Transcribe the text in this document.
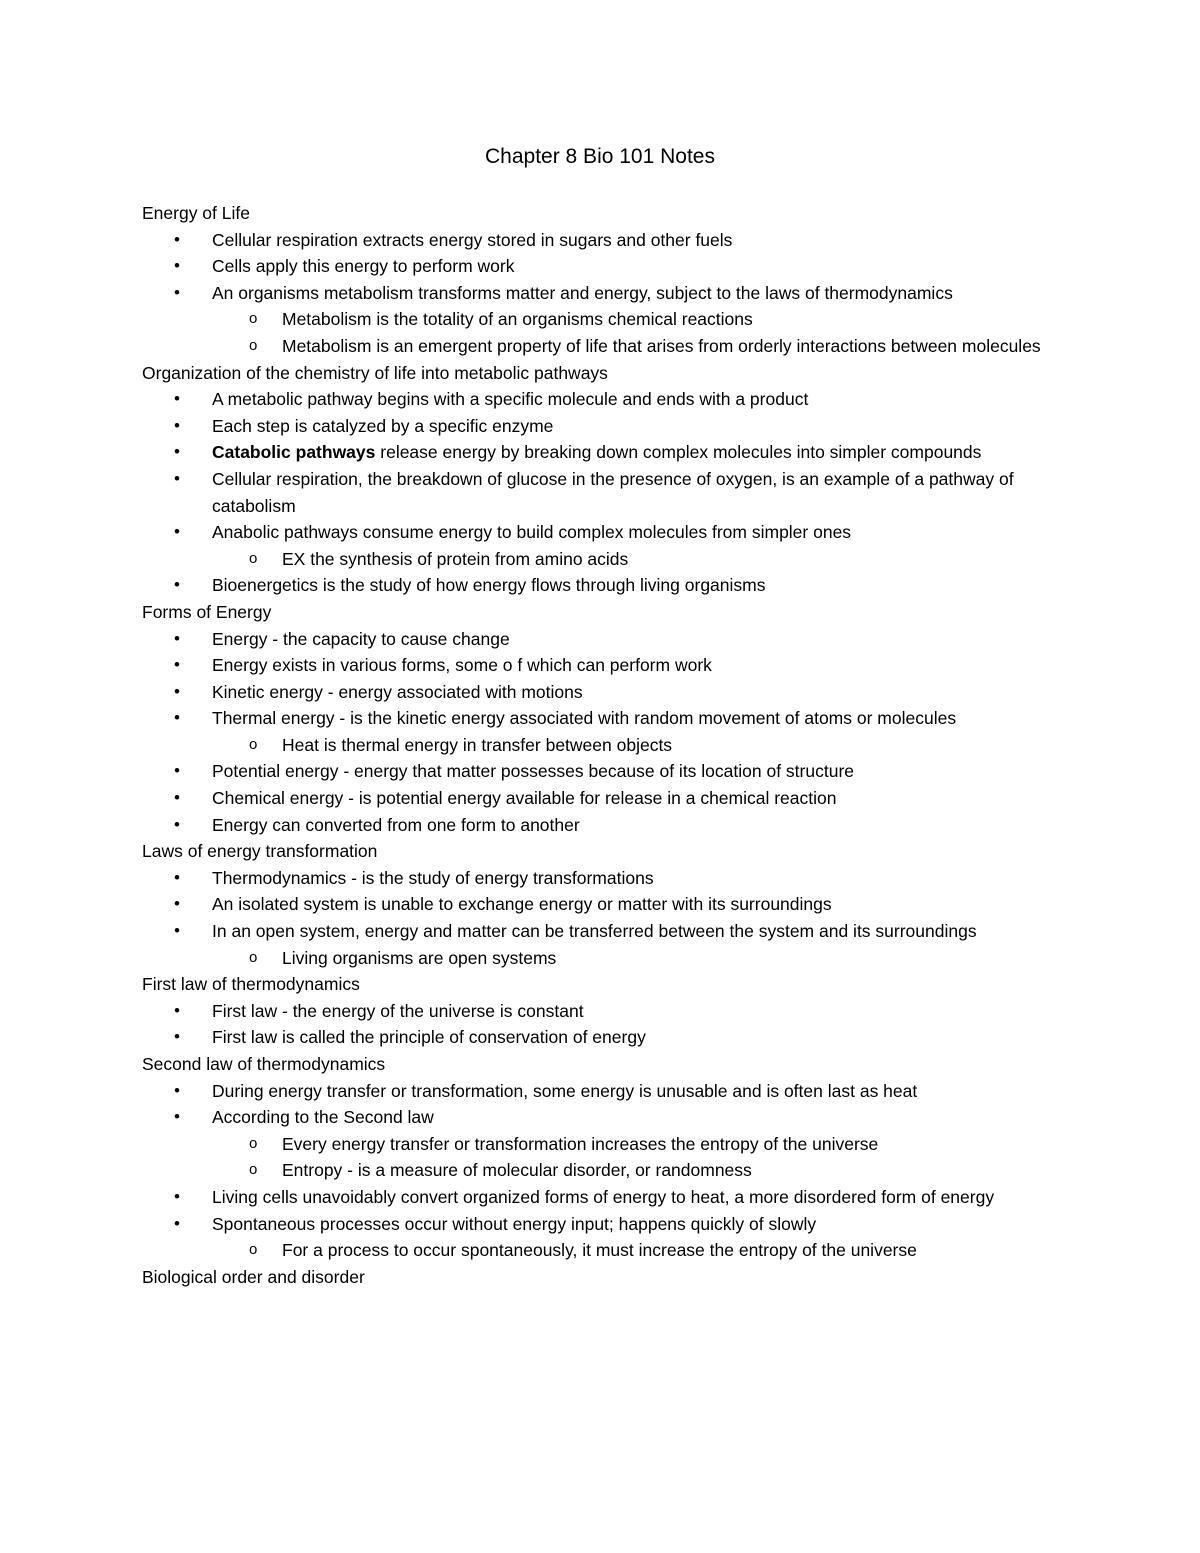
Chapter 8 Bio 101 Notes
Energy of Life
• Cellular respiration extracts energy stored in sugars and other fuels
• Cells apply this energy to perform work
• An organisms metabolism transforms matter and energy, subject to the laws of thermodynamics
o Metabolism is the totality of an organisms chemical reactions
o Metabolism is an emergent property of life that arises from orderly interactions between molecules
Organization of the chemistry of life into metabolic pathways
• A metabolic pathway begins with a specific molecule and ends with a product
• Each step is catalyzed by a specific enzyme
• Catabolic pathways release energy by breaking down complex molecules into simpler compounds
• Cellular respiration, the breakdown of glucose in the presence of oxygen, is an example of a pathway of catabolism
• Anabolic pathways consume energy to build complex molecules from simpler ones
o EX the synthesis of protein from amino acids
• Bioenergetics is the study of how energy flows through living organisms
Forms of Energy
• Energy - the capacity to cause change
• Energy exists in various forms, some o f which can perform work
• Kinetic energy - energy associated with motions
• Thermal energy - is the kinetic energy associated with random movement of atoms or molecules
o Heat is thermal energy in transfer between objects
• Potential energy - energy that matter possesses because of its location of structure
• Chemical energy - is potential energy available for release in a chemical reaction
• Energy can converted from one form to another
Laws of energy transformation
• Thermodynamics - is the study of energy transformations
• An isolated system is unable to exchange energy or matter with its surroundings
• In an open system, energy and matter can be transferred between the system and its surroundings
o Living organisms are open systems
First law of thermodynamics
• First law - the energy of the universe is constant
• First law is called the principle of conservation of energy
Second law of thermodynamics
• During energy transfer or transformation, some energy is unusable and is often last as heat
• According to the Second law
o Every energy transfer or transformation increases the entropy of the universe
o Entropy - is a measure of molecular disorder, or randomness
• Living cells unavoidably convert organized forms of energy to heat, a more disordered form of energy
• Spontaneous processes occur without energy input; happens quickly of slowly
o For a process to occur spontaneously, it must increase the entropy of the universe
Biological order and disorder
